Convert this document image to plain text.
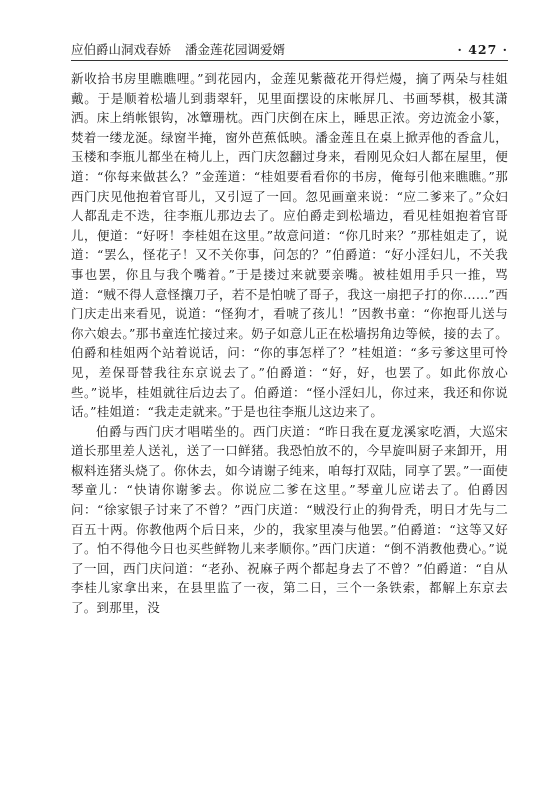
应伯爵山洞戏春娇 潘金莲花园调爱婿	· 427 ·

新收拾书房里瞧瞧哩。”到花园内，金莲见紫薇花开得烂熳，摘了两朵与桂姐戴。于是顺着松墙儿到翡翠轩，见里面摆设的床帐屏几、书画琴棋，极其潇洒。床上绡帐银钩，冰簟珊枕。西门庆倒在床上，睡思正浓。旁边流金小篆，焚着一缕龙涎。绿窗半掩，窗外芭蕉低映。潘金莲且在桌上掀弄他的香盒儿，玉楼和李瓶儿都坐在椅儿上，西门庆忽翻过身来，看刚见众妇人都在屋里，便道：“你每来做甚么？”金莲道：“桂姐要看看你的书房，俺每引他来瞧瞧。”那西门庆见他抱着官哥儿，又引逗了一回。忽见画童来说：“应二爹来了。”众妇人都乱走不迭，往李瓶儿那边去了。应伯爵走到松墙边，看见桂姐抱着官哥儿，便道：“好呀！李桂姐在这里。”故意问道：“你几时来？”那桂姐走了，说道：“罢么，怪花子！又不关你事，问怎的？”伯爵道：“好小淫妇儿，不关我事也罢，你且与我个嘴着。”于是搂过来就要亲嘴。被桂姐用手只一推，骂道：“贼不得人意怪攘刀子，若不是怕唬了哥子，我这一扇把子打的你……”西门庆走出来看见，说道：“怪狗才，看唬了孩儿！”因教书童：“你抱哥儿送与你六娘去。”那书童连忙接过来。奶子如意儿正在松墙拐角边等候，接的去了。伯爵和桂姐两个站着说话，问：“你的事怎样了？”桂姐道：“多亏爹这里可怜见，差保哥替我往东京说去了。”伯爵道：“好，好，也罢了。如此你放心些。”说毕，桂姐就往后边去了。伯爵道：“怪小淫妇儿，你过来，我还和你说话。”桂姐道：“我走走就来。”于是也往李瓶儿这边来了。

伯爵与西门庆才唱喏坐的。西门庆道：“昨日我在夏龙溪家吃酒，大巡宋道长那里差人送礼，送了一口鲜猪。我恐怕放不的，今早旋叫厨子来卸开，用椒料连猪头烧了。你休去，如今请谢子纯来，咱每打双陆，同享了罢。”一面使琴童儿：“快请你谢爹去。你说应二爹在这里。”琴童儿应诺去了。伯爵因问：“徐家银子讨来了不曾？”西门庆道：“贼没行止的狗骨秃，明日才先与二百五十两。你教他两个后日来，少的，我家里凑与他罢。”伯爵道：“这等又好了。怕不得他今日也买些鲜物儿来孝顺你。”西门庆道：“倒不消教他费心。”说了一回，西门庆问道：“老孙、祝麻子两个都起身去了不曾？”伯爵道：“自从李桂儿家拿出来，在县里监了一夜，第二日，三个一条铁索，都解上东京去了。到那里，没
